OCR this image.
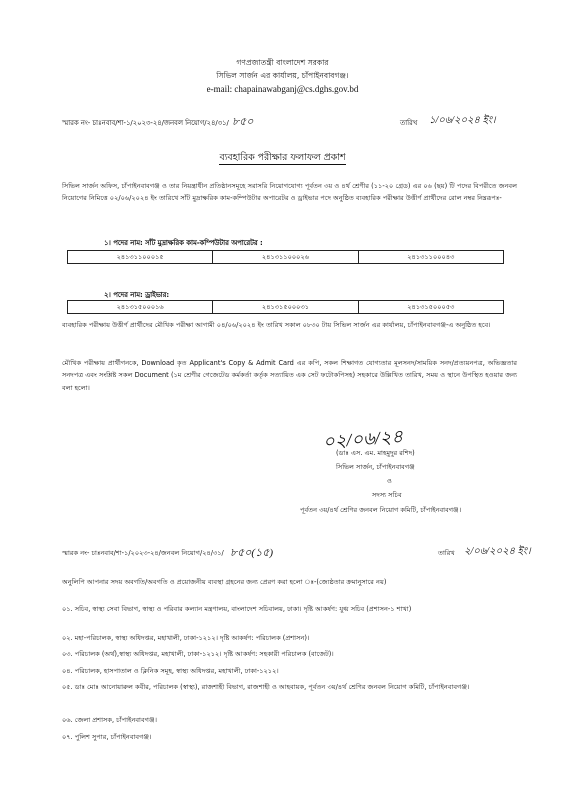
গণপ্রজাতন্ত্রী বাংলাদেশ সরকার
সিভিল সার্জন এর কার্যালয়, চাঁপাইনবাবগঞ্জ।
e-mail: chapainawabganj@cs.dghs.gov.bd
স্মারক নং- চাঃনবাব/শা-১/২০২৩-২৪/জনবল নিয়োগ/২৪/৩১/ ৮৫০	তারিখ ১/০৬/২০২৪ ইং।
ব্যবহারিক পরীক্ষার ফলাফল প্রকাশ
সিভিল সার্জন অফিস, চাঁপাইনবাবগঞ্জ ও তার নিয়ন্ত্রাধীন প্রতিষ্ঠানসমূহে সরাসরি নিয়োগযোগ্য পূর্বতন ৩য় ও ৪র্থ শ্রেণীর (১১-২০ গ্রেড) এর ০৬ (ছয়) টি পদের বিপরীতে জনবল নিয়োগের নিমিত্তে ০২/০৬/২০২৪ ইং তারিখে সাঁট মুদ্রাক্ষরিক কাম-কম্পিউটার অপারেটর ও ড্রাইভার পদে অনুষ্ঠিত ব্যবহারিক পরীক্ষার উত্তীর্ণ প্রার্থীদের রোল নম্বর নিম্নরূপঃ-
১। পদের নাম: সাঁট মুদ্রাক্ষরিক কাম-কম্পিউটার অপারেটর :
২৪১৩১১০০০১৫	২৪১৩১১০০০২৬	২৪১৩১১০০০৪৩
২। পদের নাম: ড্রাইভার:
২৪১৩১৫০০০১৬	২৪১৩১৫০০০৩১	২৪১৩১৫০০০৫৩
ব্যবহারিক পরীক্ষায় উত্তীর্ণ প্রার্থীদের মৌখিক পরীক্ষা আগামী ০৪/০৬/২০২৪ ইং তারিখ সকাল ০৮৩০ টায় সিভিল সার্জন এর কার্যালয়, চাঁপাইনবাবগঞ্জ-এ অনুষ্ঠিত হবে।
মৌখিক পরীক্ষায় প্রার্থীগনকে, Download কৃত Applicant's Copy & Admit Card এর কপি, সকল শিক্ষাগত যোগ্যতার মূলসনদ/সাময়িক সনদ/প্রত্যয়নপত্র, অভিজ্ঞতার সনদপত্র এবং সংশ্লিষ্ট সকল Document (১ম শ্রেণীর গেজেটেড কর্মকর্তা কর্তৃক সত্যায়িত এক সেট ফটোকপিসহ) সহকারে উল্লিখিত তারিখ, সময় ও স্থানে উপস্থিত হওয়ার জন্য বলা হলো।
০২/০৬/২৪
(ডাঃ এস. এম. মাহমুদুর রশিদ)
সিভিল সার্জন, চাঁপাইনবাবগঞ্জ
ও
সদস্য সচিব
পূর্বতন ৩য়/৪র্থ শ্রেণির জনবল নিয়োগ কমিটি, চাঁপাইনবাবগঞ্জ।
স্মারক নং- চাঃনবাব/শা-১/২০২৩-২৪/জনবল নিয়োগ/২৪/৩১/ ৮৫০(১৫)	তারিখ ২/০৬/২০২৪ ইং।
অনুলিপি আপনার সদয় অবগতি/অবগতি ও প্রয়োজনীয় ব্যবস্থা গ্রহনের জন্য প্রেরণ করা হলো ঃ-(জ্যেষ্ঠতার ক্রমানুসারে নয়)
০১. সচিব, স্বাস্থ্য সেবা বিভাগ, স্বাস্থ্য ও পরিবার কল্যান মন্ত্রণালয়, বাংলাদেশ সচিবালয়, ঢাকা। দৃষ্টি আকর্ষণ: যুগ্ম সচিব (প্রশাসন-১ শাখা)
০২. মহা-পরিচালক, স্বাস্থ্য অধিদপ্তর, মহাখালী, ঢাকা-১২১২। দৃষ্টি আকর্ষণ: পরিচালক (প্রশাসন)।
০৩. পরিচালক (অর্থ),স্বাস্থ্য অধিদপ্তর, মহাখালী, ঢাকা-১২১২। দৃষ্টি আকর্ষণ: সহকারী পরিচালক (বাজেট)।
০৪. পরিচালক, হাসপাতাল ও ক্লিনিক সমূহ, স্বাস্থ্য অধিদপ্তর, মহাখালী, ঢাকা-১২১২।
০৫. ডাঃ মোঃ আনোয়ারুল কবীর, পরিচালক (স্বাস্থ্য), রাজশাহী বিভাগ, রাজশাহী ও আহবায়ক, পূর্বতন ৩য়/৪র্থ শ্রেণির জনবল নিয়োগ কমিটি, চাঁপাইনবাবগঞ্জ।
০৬. জেলা প্রশাসক, চাঁপাইনবাবগঞ্জ।
০৭. পুলিশ সুপার, চাঁপাইনবাবগঞ্জ।
